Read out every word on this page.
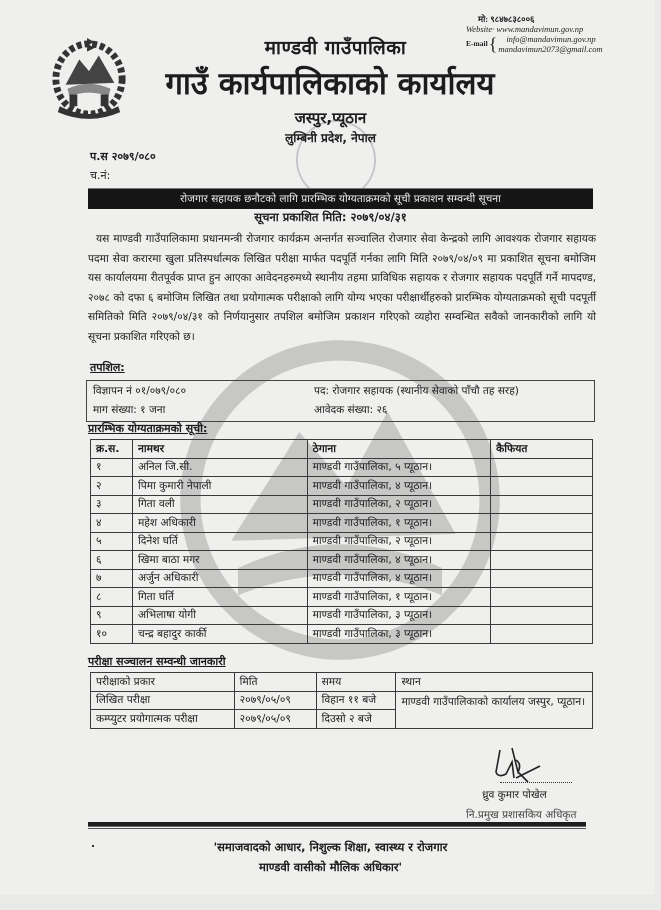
माण्डवी गाउँपालिका
गाउँ कार्यपालिकाको कार्यालय
जस्पुर,प्यूठान
लुम्बिनी प्रदेश, नेपाल
मो: ९८४७८३८००६
Website· www.mandavimun.gov.np
E-mail {	info@mandavimun.gov.np
mandavimun2073@gmail.com
प.स २०७९/०८०
च.नं:
रोजगार सहायक छनौटको लागि प्रारम्भिक योग्यताक्रमको सूची प्रकाशन सम्वन्धी सूचना
सूचना प्रकाशित मिति: २०७९/०४/३१
यस माण्डवी गाउँपालिकामा प्रधानमन्त्री रोजगार कार्यक्रम अन्तर्गत सञ्चालित रोजगार सेवा केन्द्रको लागि आवश्यक रोजगार सहायक पदमा सेवा करारमा खुला प्रतिस्पर्धात्मक लिखित परीक्षा मार्फत पदपूर्ति गर्नका लागि मिति २०७९/०४/०९ मा प्रकाशित सूचना बमोजिम यस कार्यालयमा रीतपूर्वक प्राप्त हुन आएका आवेदनहरुमध्ये स्थानीय तहमा प्राविधिक सहायक र रोजगार सहायक पदपूर्ति गर्ने मापदण्ड, २०७८ को दफा ६ बमोजिम लिखित तथा प्रयोगात्मक परीक्षाको लागि योग्य भएका परीक्षार्थीहरुको प्रारम्भिक योग्यताक्रमको सूची पदपूर्ती समितिको मिति २०७९/०४/३१ को निर्णयानुसार तपशिल बमोजिम प्रकाशन गरिएको व्यहोरा सम्वन्धित सवैको जानकारीको लागि यो सूचना प्रकाशित गरिएको छ।
तपशिल:
विज्ञापन नं ०१/०७९/०८०	पद: रोजगार सहायक (स्थानीय सेवाको पाँचौ तह सरह)
माग संख्या: १ जना	आवेदक संख्या: २६
प्रारम्भिक योग्यताक्रमको सूची:
क्र.स.	नामथर	ठेगाना	कैफियत
१	अनिल जि.सी.	माण्डवी गाउँपालिका, ५ प्यूठान।	
२	पिमा कुमारी नेपाली	माण्डवी गाउँपालिका, ४ प्यूठान।	
३	गिता वली	माण्डवी गाउँपालिका, २ प्यूठान।	
४	महेश अधिकारी	माण्डवी गाउँपालिका, १ प्यूठान।	
५	दिनेश घर्ति	माण्डवी गाउँपालिका, २ प्यूठान।	
६	खिमा बाठा मगर	माण्डवी गाउँपालिका, ४ प्यूठान।	
७	अर्जुन अधिकारी	माण्डवी गाउँपालिका, ४ प्यूठान।	
८	गिता घर्ति	माण्डवी गाउँपालिका, १ प्यूठान।	
९	अभिलाषा योगी	माण्डवी गाउँपालिका, ३ प्यूठान।	
१०	चन्द्र बहादुर कार्की	माण्डवी गाउँपालिका, ३ प्यूठान।	
परीक्षा सञ्चालन सम्वन्धी जानकारी
परीक्षाको प्रकार	मिति	समय	स्थान
लिखित परीक्षा	२०७९/०५/०९	विहान ११ बजे	माण्डवी गाउँपालिकाको कार्यालय जस्पुर, प्यूठान।
कम्प्युटर प्रयोगात्मक परीक्षा	२०७९/०५/०९	दिउसो २ बजे	
ध्रुव कुमार पोखेल
नि.प्रमुख प्रशासकिय अधिकृत
'समाजवादको आधार, निशुल्क शिक्षा, स्वास्थ्य र रोजगार
माण्डवी वासीको मौलिक अधिकार'
